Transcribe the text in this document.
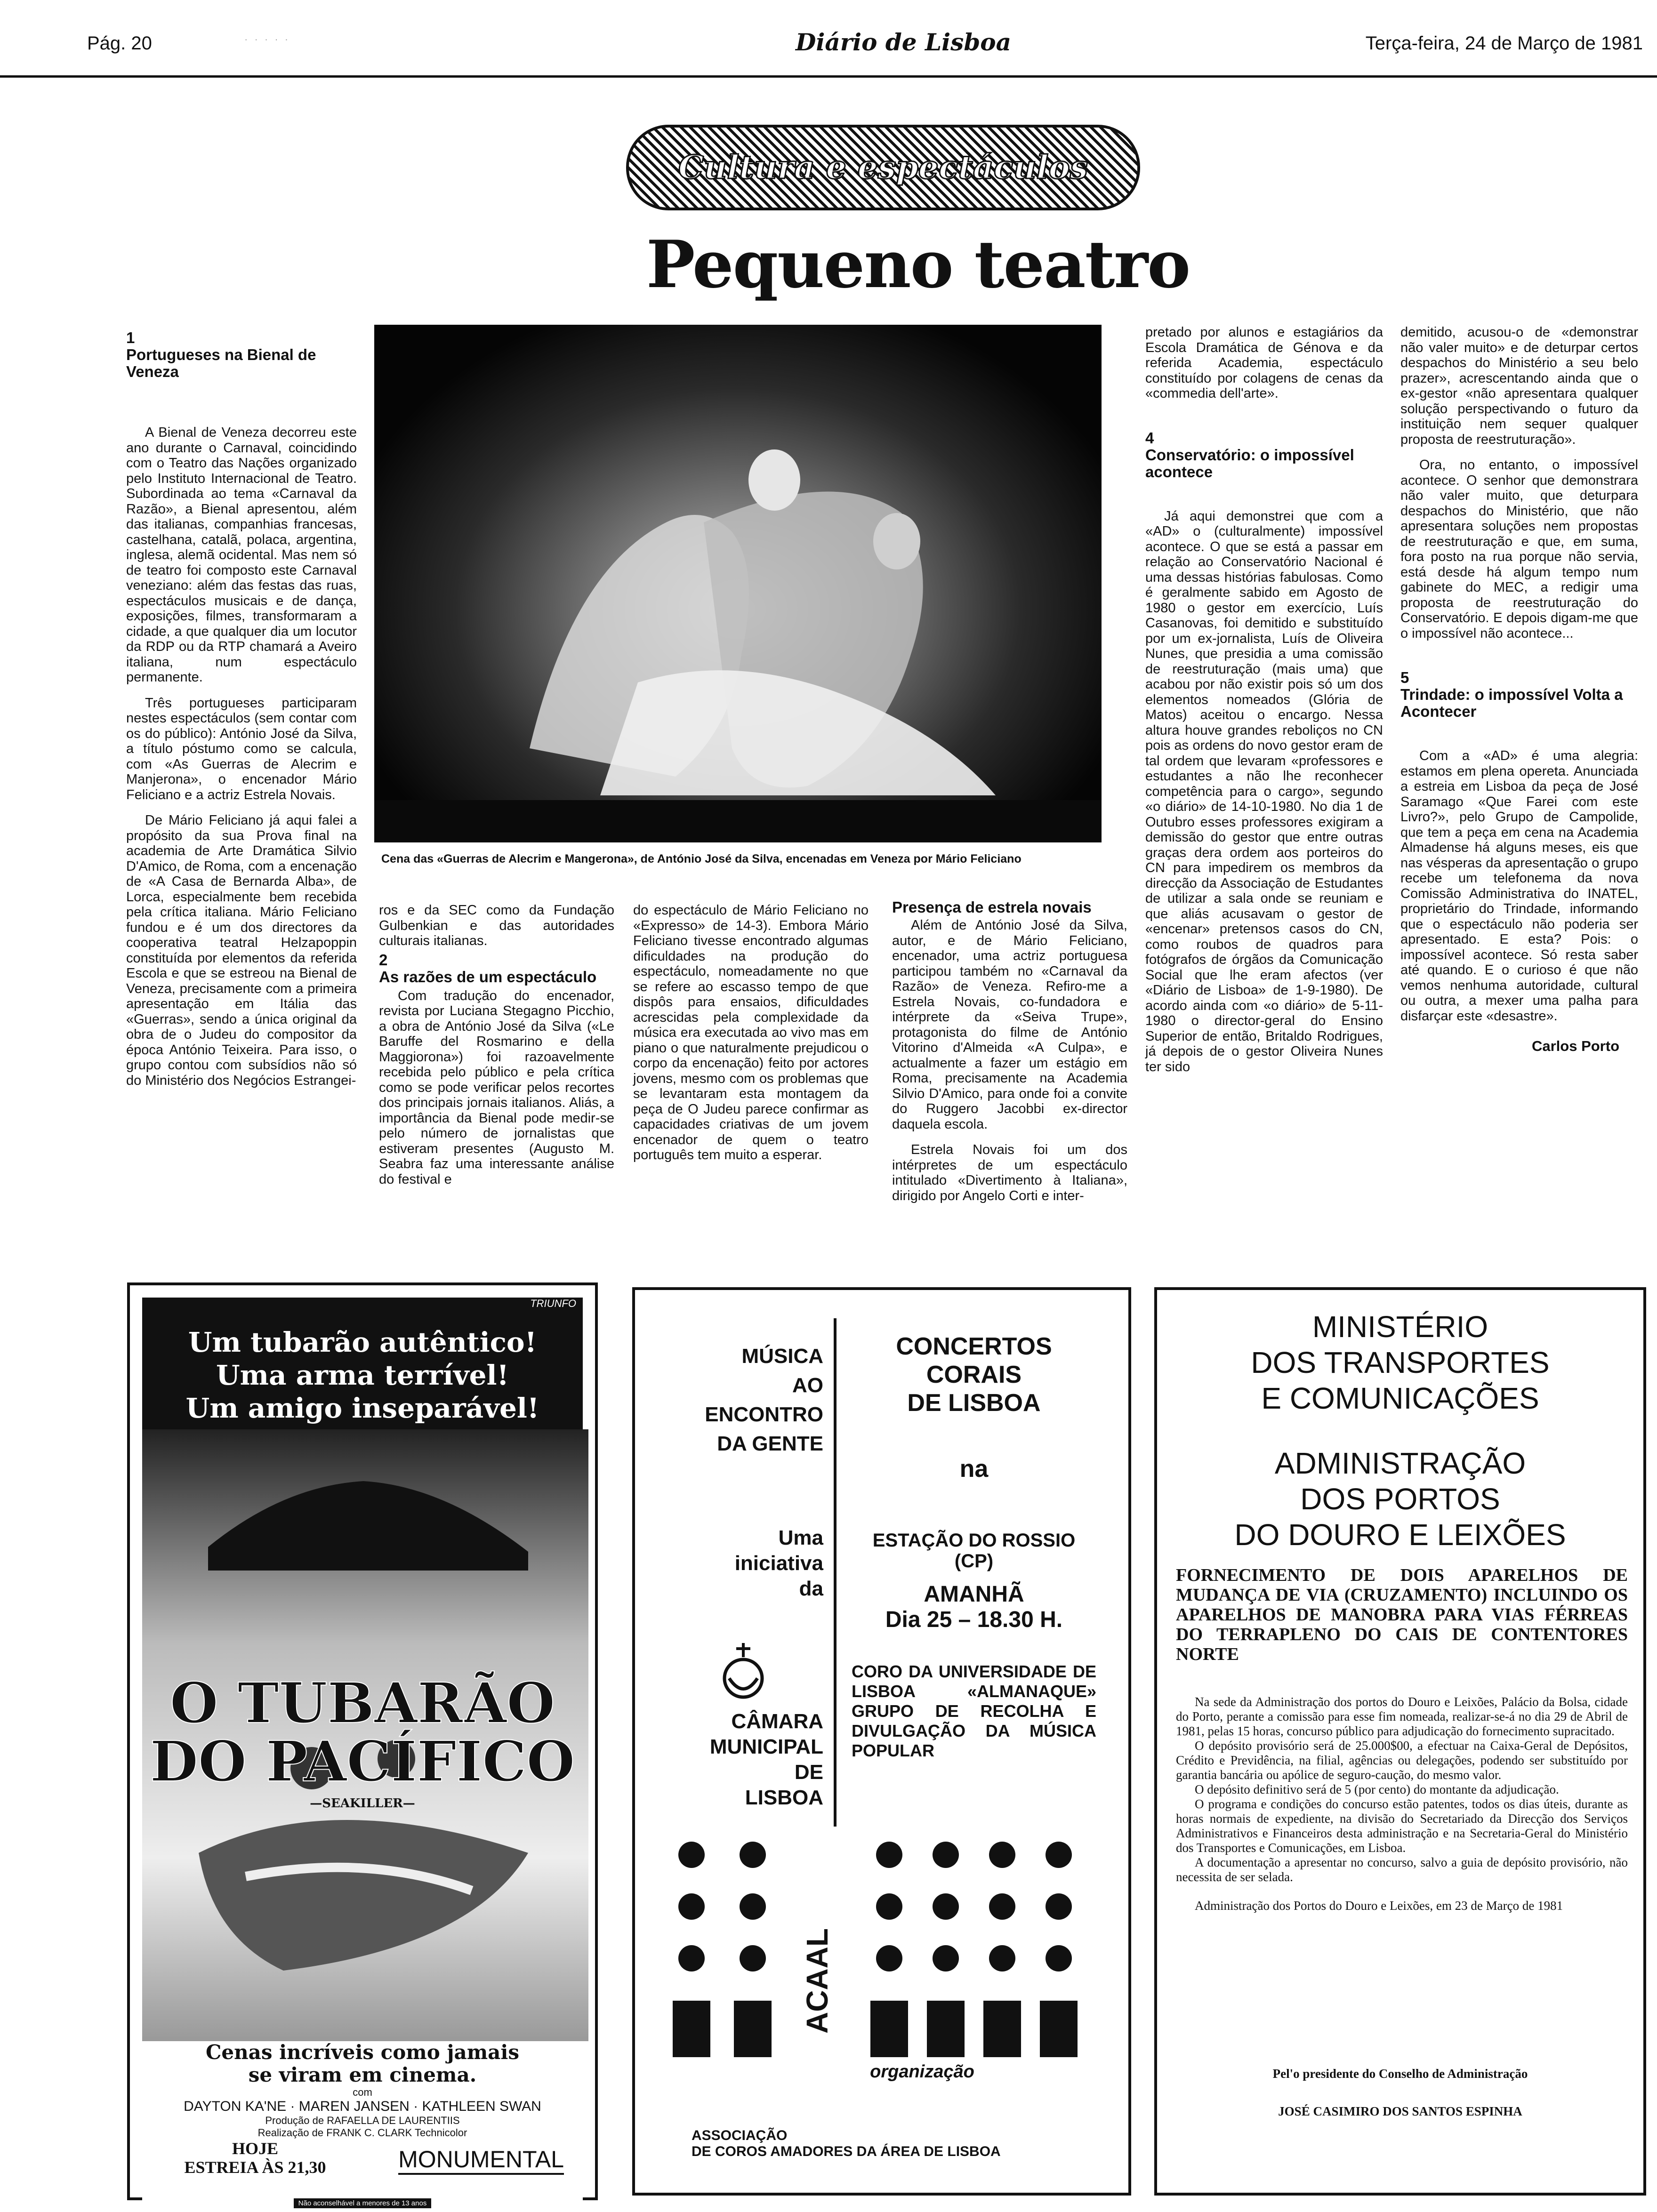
Pág. 20	˙ ˙ ˙ ˙ ˙	Diário de Lisboa	Terça-feira, 24 de Março de 1981
Cultura e espectáculos
Pequeno teatro
1
Portugueses na Bienal de Veneza

A Bienal de Veneza decorreu este ano durante o Carnaval, coincidindo com o Teatro das Nações organizado pelo Instituto Internacional de Teatro. Subordinada ao tema «Carnaval da Razão», a Bienal apresentou, além das italianas, companhias francesas, castelhana, catalã, polaca, argentina, inglesa, alemã ocidental. Mas nem só de teatro foi composto este Carnaval veneziano: além das festas das ruas, espectáculos musicais e de dança, exposições, filmes, transformaram a cidade, a que qualquer dia um locutor da RDP ou da RTP chamará a Aveiro italiana, num espectáculo permanente.

Três portugueses participaram nestes espectáculos (sem contar com os do público): António José da Silva, a título póstumo como se calcula, com «As Guerras de Alecrim e Manjerona», o encenador Mário Feliciano e a actriz Estrela Novais.

De Mário Feliciano já aqui falei a propósito da sua Prova final na academia de Arte Dramática Silvio D'Amico, de Roma, com a encenação de «A Casa de Bernarda Alba», de Lorca, especialmente bem recebida pela crítica italiana. Mário Feliciano fundou e é um dos directores da cooperativa teatral Helzapoppin constituída por elementos da referida Escola e que se estreou na Bienal de Veneza, precisamente com a primeira apresentação em Itália das «Guerras», sendo a única original da obra de o Judeu do compositor da época António Teixeira. Para isso, o grupo contou com subsídios não só do Ministério dos Negócios Estrangei-

Cena das «Guerras de Alecrim e Mangerona», de António José da Silva, encenadas em Veneza por Mário Feliciano

ros e da SEC como da Fundação Gulbenkian e das autoridades culturais italianas.

2
As razões de um espectáculo

Com tradução do encenador, revista por Luciana Stegagno Picchio, a obra de António José da Silva («Le Baruffe del Rosmarino e della Maggiorona») foi razoavelmente recebida pelo público e pela crítica como se pode verificar pelos recortes dos principais jornais italianos. Aliás, a importância da Bienal pode medir-se pelo número de jornalistas que estiveram presentes (Augusto M. Seabra faz uma interessante análise do festival e

do espectáculo de Mário Feliciano no «Expresso» de 14-3). Embora Mário Feliciano tivesse encontrado algumas dificuldades na produção do espectáculo, nomeadamente no que se refere ao escasso tempo de que dispôs para ensaios, dificuldades acrescidas pela complexidade da música era executada ao vivo mas em piano o que naturalmente prejudicou o corpo da encenação) feito por actores jovens, mesmo com os problemas que se levantaram esta montagem da peça de O Judeu parece confirmar as capacidades criativas de um jovem encenador de quem o teatro português tem muito a esperar.

Presença de estrela novais

Além de António José da Silva, autor, e de Mário Feliciano, encenador, uma actriz portuguesa participou também no «Carnaval da Razão» de Veneza. Refiro-me a Estrela Novais, co-fundadora e intérprete da «Seiva Trupe», protagonista do filme de António Vitorino d'Almeida «A Culpa», e actualmente a fazer um estágio em Roma, precisamente na Academia Silvio D'Amico, para onde foi a convite do Ruggero Jacobbi ex-director daquela escola.

Estrela Novais foi um dos intérpretes de um espectáculo intitulado «Divertimento à Italiana», dirigido por Angelo Corti e inter-

pretado por alunos e estagiários da Escola Dramática de Génova e da referida Academia, espectáculo constituído por colagens de cenas da «commedia dell'arte».

4
Conservatório: o impossível acontece

Já aqui demonstrei que com a «AD» o (culturalmente) impossível acontece. O que se está a passar em relação ao Conservatório Nacional é uma dessas histórias fabulosas. Como é geralmente sabido em Agosto de 1980 o gestor em exercício, Luís Casanovas, foi demitido e substituído por um ex-jornalista, Luís de Oliveira Nunes, que presidia a uma comissão de reestruturação (mais uma) que acabou por não existir pois só um dos elementos nomeados (Glória de Matos) aceitou o encargo. Nessa altura houve grandes reboliços no CN pois as ordens do novo gestor eram de tal ordem que levaram «professores e estudantes a não lhe reconhecer competência para o cargo», segundo «o diário» de 14-10-1980. No dia 1 de Outubro esses professores exigiram a demissão do gestor que entre outras graças dera ordem aos porteiros do CN para impedirem os membros da direcção da Associação de Estudantes de utilizar a sala onde se reuniam e que aliás acusavam o gestor de «encenar» pretensos casos do CN, como roubos de quadros para fotógrafos de órgãos da Comunicação Social que lhe eram afectos (ver «Diário de Lisboa» de 1-9-1980). De acordo ainda com «o diário» de 5-11-1980 o director-geral do Ensino Superior de então, Britaldo Rodrigues, já depois de o gestor Oliveira Nunes ter sido

demitido, acusou-o de «demonstrar não valer muito» e de deturpar certos despachos do Ministério a seu belo prazer», acrescentando ainda que o ex-gestor «não apresentara qualquer solução perspectivando o futuro da instituição nem sequer qualquer proposta de reestruturação».

Ora, no entanto, o impossível acontece. O senhor que demonstrara não valer muito, que deturpara despachos do Ministério, que não apresentara soluções nem propostas de reestruturação e que, em suma, fora posto na rua porque não servia, está desde há algum tempo num gabinete do MEC, a redigir uma proposta de reestruturação do Conservatório. E depois digam-me que o impossível não acontece...

5
Trindade: o impossível Volta a Acontecer

Com a «AD» é uma alegria: estamos em plena opereta. Anunciada a estreia em Lisboa da peça de José Saramago «Que Farei com este Livro?», pelo Grupo de Campolide, que tem a peça em cena na Academia Almadense há alguns meses, eis que nas vésperas da apresentação o grupo recebe um telefonema da nova Comissão Administrativa do INATEL, proprietário do Trindade, informando que o espectáculo não poderia ser apresentado. E esta? Pois: o impossível acontece. Só resta saber até quando. E o curioso é que não vemos nenhuma autoridade, cultural ou outra, a mexer uma palha para disfarçar este «desastre».

Carlos Porto
TRIUNFO
Um tubarão autêntico!
Uma arma terrível!
Um amigo inseparável!
O TUBARÃO
DO PACÍFICO
—SEAKILLER—
Cenas incríveis como jamais
se viram em cinema.
com
DAYTON KA'NE · MAREN JANSEN · KATHLEEN SWAN
Produção de RAFAELLA DE LAURENTIIS
Realização de FRANK C. CLARK Technicolor
HOJE
ESTREIA ÀS 21,30	MONUMENTAL
Não aconselhável a menores de 13 anos
MÚSICA
AO
ENCONTRO
DA GENTE
Uma
iniciativa
da
CÂMARA
MUNICIPAL
DE
LISBOA
CONCERTOS
CORAIS
DE LISBOA
na
ESTAÇÃO DO ROSSIO
(CP)
AMANHÃ
Dia 25 – 18.30 H.
CORO DA UNIVERSIDADE DE LISBOA «ALMANAQUE» GRUPO DE RECOLHA E DIVULGAÇÃO DA MÚSICA POPULAR
ACAAL
organização
ASSOCIAÇÃO
DE COROS AMADORES DA ÁREA DE LISBOA
MINISTÉRIO
DOS TRANSPORTES
E COMUNICAÇÕES
ADMINISTRAÇÃO
DOS PORTOS
DO DOURO E LEIXÕES
FORNECIMENTO DE DOIS APARELHOS DE MUDANÇA DE VIA (CRUZAMENTO) INCLUINDO OS APARELHOS DE MANOBRA PARA VIAS FÉRREAS DO TERRAPLENO DO CAIS DE CONTENTORES NORTE

Na sede da Administração dos portos do Douro e Leixões, Palácio da Bolsa, cidade do Porto, perante a comissão para esse fim nomeada, realizar-se-á no dia 29 de Abril de 1981, pelas 15 horas, concurso público para adjudicação do fornecimento supracitado.

O depósito provisório será de 25.000$00, a efectuar na Caixa-Geral de Depósitos, Crédito e Previdência, na filial, agências ou delegações, podendo ser substituído por garantia bancária ou apólice de seguro-caução, do mesmo valor.

O depósito definitivo será de 5 (por cento) do montante da adjudicação.

O programa e condições do concurso estão patentes, todos os dias úteis, durante as horas normais de expediente, na divisão do Secretariado da Direcção dos Serviços Administrativos e Financeiros desta administração e na Secretaria-Geral do Ministério dos Transportes e Comunicações, em Lisboa.

A documentação a apresentar no concurso, salvo a guia de depósito provisório, não necessita de ser selada.

Administração dos Portos do Douro e Leixões, em 23 de Março de 1981

Pel'o presidente do Conselho de Administração
JOSÉ CASIMIRO DOS SANTOS ESPINHA
